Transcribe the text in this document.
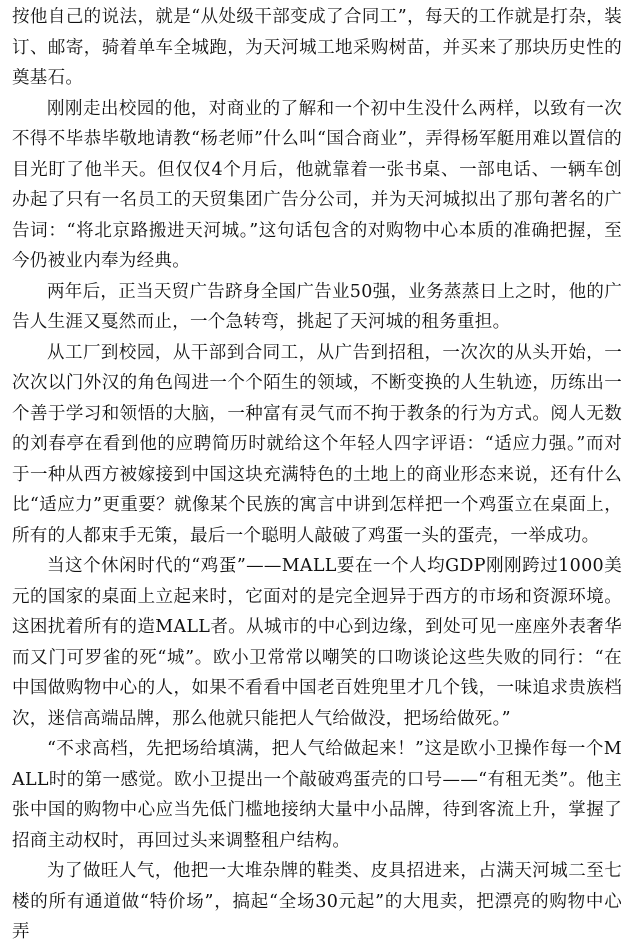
按他自己的说法，就是“从处级干部变成了合同工”，每天的工作就是打杂，装订、邮寄，骑着单车全城跑，为天河城工地采购树苗，并买来了那块历史性的奠基石。

刚刚走出校园的他，对商业的了解和一个初中生没什么两样，以致有一次不得不毕恭毕敬地请教“杨老师”什么叫“国合商业”，弄得杨军艇用难以置信的目光盯了他半天。但仅仅4个月后，他就靠着一张书桌、一部电话、一辆车创办起了只有一名员工的天贸集团广告分公司，并为天河城拟出了那句著名的广告词：“将北京路搬进天河城。”这句话包含的对购物中心本质的准确把握，至今仍被业内奉为经典。

两年后，正当天贸广告跻身全国广告业50强，业务蒸蒸日上之时，他的广告人生涯又戛然而止，一个急转弯，挑起了天河城的租务重担。

从工厂到校园，从干部到合同工，从广告到招租，一次次的从头开始，一次次以门外汉的角色闯进一个个陌生的领域，不断变换的人生轨迹，历练出一个善于学习和领悟的大脑，一种富有灵气而不拘于教条的行为方式。阅人无数的刘春亭在看到他的应聘简历时就给这个年轻人四字评语：“适应力强。”而对于一种从西方被嫁接到中国这块充满特色的土地上的商业形态来说，还有什么比“适应力”更重要？就像某个民族的寓言中讲到怎样把一个鸡蛋立在桌面上，所有的人都束手无策，最后一个聪明人敲破了鸡蛋一头的蛋壳，一举成功。

当这个休闲时代的“鸡蛋”——MALL要在一个人均GDP刚刚跨过1000美元的国家的桌面上立起来时，它面对的是完全迥异于西方的市场和资源环境。这困扰着所有的造MALL者。从城市的中心到边缘，到处可见一座座外表奢华而又门可罗雀的死“城”。欧小卫常常以嘲笑的口吻谈论这些失败的同行：“在中国做购物中心的人，如果不看看中国老百姓兜里才几个钱，一味追求贵族档次，迷信高端品牌，那么他就只能把人气给做没，把场给做死。”

“不求高档，先把场给填满，把人气给做起来！”这是欧小卫操作每一个MALL时的第一感觉。欧小卫提出一个敲破鸡蛋壳的口号——“有租无类”。他主张中国的购物中心应当先低门槛地接纳大量中小品牌，待到客流上升，掌握了招商主动权时，再回过头来调整租户结构。

为了做旺人气，他把一大堆杂牌的鞋类、皮具招进来，占满天河城二至七楼的所有通道做“特价场”，搞起“全场30元起”的大甩卖，把漂亮的购物中心弄
